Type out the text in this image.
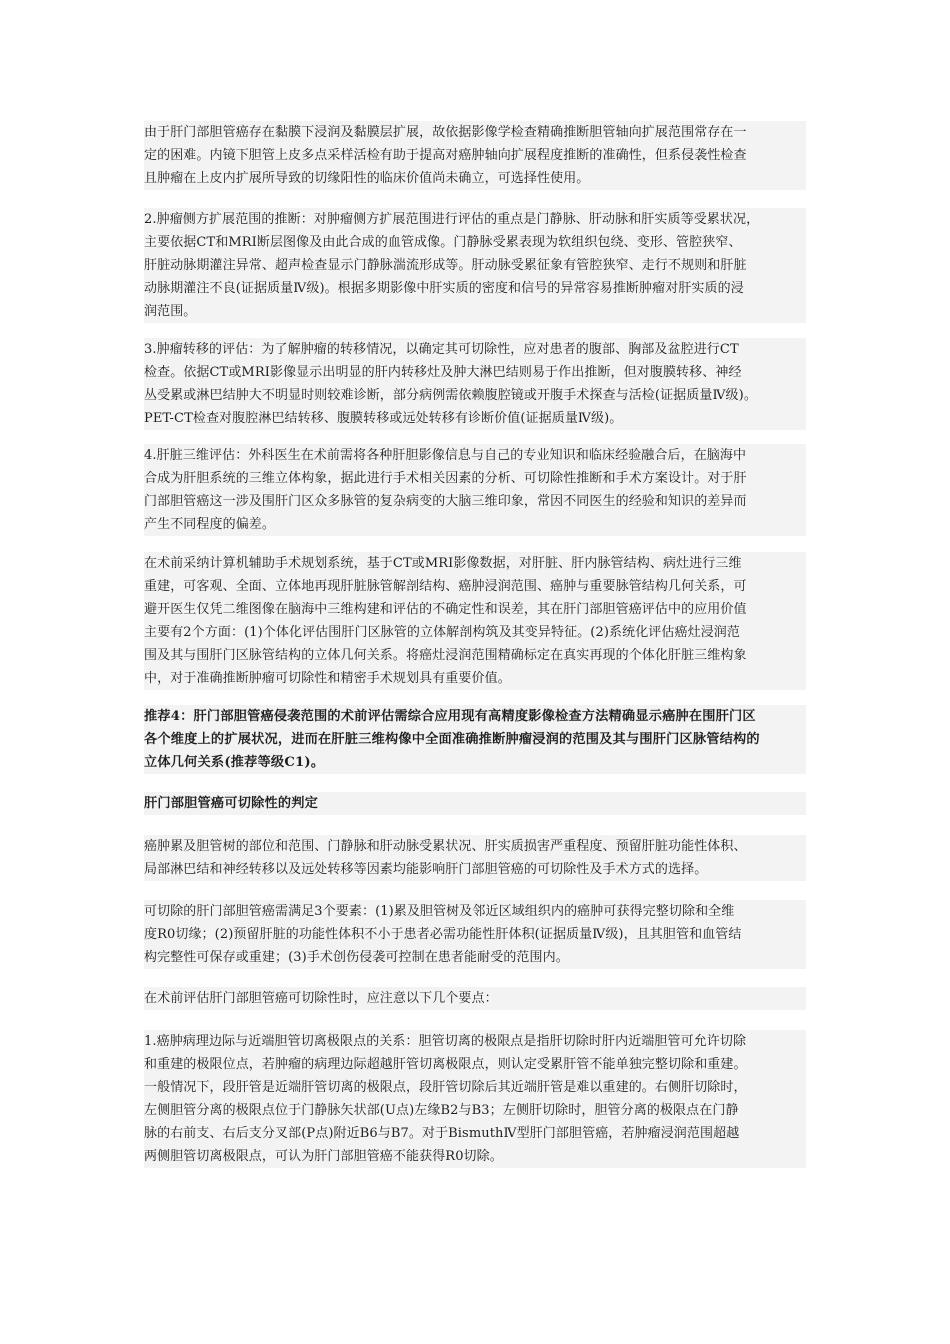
由于肝门部胆管癌存在黏膜下浸润及黏膜层扩展，故依据影像学检查精确推断胆管轴向扩展范围常存在一
定的困难。内镜下胆管上皮多点采样活检有助于提高对癌肿轴向扩展程度推断的准确性，但系侵袭性检查
且肿瘤在上皮内扩展所导致的切缘阳性的临床价值尚未确立，可选择性使用。
2.肿瘤侧方扩展范围的推断：对肿瘤侧方扩展范围进行评估的重点是门静脉、肝动脉和肝实质等受累状况，
主要依据CT和MRI断层图像及由此合成的血管成像。门静脉受累表现为软组织包绕、变形、管腔狭窄、
肝脏动脉期灌注异常、超声检查显示门静脉湍流形成等。肝动脉受累征象有管腔狭窄、走行不规则和肝脏
动脉期灌注不良(证据质量Ⅳ级)。根据多期影像中肝实质的密度和信号的异常容易推断肿瘤对肝实质的浸
润范围。
3.肿瘤转移的评估：为了解肿瘤的转移情况，以确定其可切除性，应对患者的腹部、胸部及盆腔进行CT
检查。依据CT或MRI影像显示出明显的肝内转移灶及肿大淋巴结则易于作出推断，但对腹膜转移、神经
丛受累或淋巴结肿大不明显时则较难诊断，部分病例需依赖腹腔镜或开腹手术探查与活检(证据质量Ⅳ级)。
PET-CT检查对腹腔淋巴结转移、腹膜转移或远处转移有诊断价值(证据质量Ⅳ级)。
4.肝脏三维评估：外科医生在术前需将各种肝胆影像信息与自己的专业知识和临床经验融合后，在脑海中
合成为肝胆系统的三维立体构象，据此进行手术相关因素的分析、可切除性推断和手术方案设计。对于肝
门部胆管癌这一涉及围肝门区众多脉管的复杂病变的大脑三维印象，常因不同医生的经验和知识的差异而
产生不同程度的偏差。
在术前采纳计算机辅助手术规划系统，基于CT或MRI影像数据，对肝脏、肝内脉管结构、病灶进行三维
重建，可客观、全面、立体地再现肝脏脉管解剖结构、癌肿浸润范围、癌肿与重要脉管结构几何关系，可
避开医生仅凭二维图像在脑海中三维构建和评估的不确定性和误差，其在肝门部胆管癌评估中的应用价值
主要有2个方面：(1)个体化评估围肝门区脉管的立体解剖构筑及其变异特征。(2)系统化评估癌灶浸润范
围及其与围肝门区脉管结构的立体几何关系。将癌灶浸润范围精确标定在真实再现的个体化肝脏三维构象
中，对于准确推断肿瘤可切除性和精密手术规划具有重要价值。
推荐4：肝门部胆管癌侵袭范围的术前评估需综合应用现有高精度影像检查方法精确显示癌肿在围肝门区
各个维度上的扩展状况，进而在肝脏三维构像中全面准确推断肿瘤浸润的范围及其与围肝门区脉管结构的
立体几何关系(推荐等级C1)。
肝门部胆管癌可切除性的判定
癌肿累及胆管树的部位和范围、门静脉和肝动脉受累状况、肝实质损害严重程度、预留肝脏功能性体积、
局部淋巴结和神经转移以及远处转移等因素均能影响肝门部胆管癌的可切除性及手术方式的选择。
可切除的肝门部胆管癌需满足3个要素：(1)累及胆管树及邻近区域组织内的癌肿可获得完整切除和全维
度R0切缘；(2)预留肝脏的功能性体积不小于患者必需功能性肝体积(证据质量Ⅳ级)，且其胆管和血管结
构完整性可保存或重建；(3)手术创伤侵袭可控制在患者能耐受的范围内。
在术前评估肝门部胆管癌可切除性时，应注意以下几个要点：
1.癌肿病理边际与近端胆管切离极限点的关系：胆管切离的极限点是指肝切除时肝内近端胆管可允许切除
和重建的极限位点，若肿瘤的病理边际超越肝管切离极限点，则认定受累肝管不能单独完整切除和重建。
一般情况下，段肝管是近端肝管切离的极限点，段肝管切除后其近端肝管是难以重建的。右侧肝切除时，
左侧胆管分离的极限点位于门静脉矢状部(U点)左缘B2与B3；左侧肝切除时，胆管分离的极限点在门静
脉的右前支、右后支分叉部(P点)附近B6与B7。对于BismuthⅣ型肝门部胆管癌，若肿瘤浸润范围超越
两侧胆管切离极限点，可认为肝门部胆管癌不能获得R0切除。
